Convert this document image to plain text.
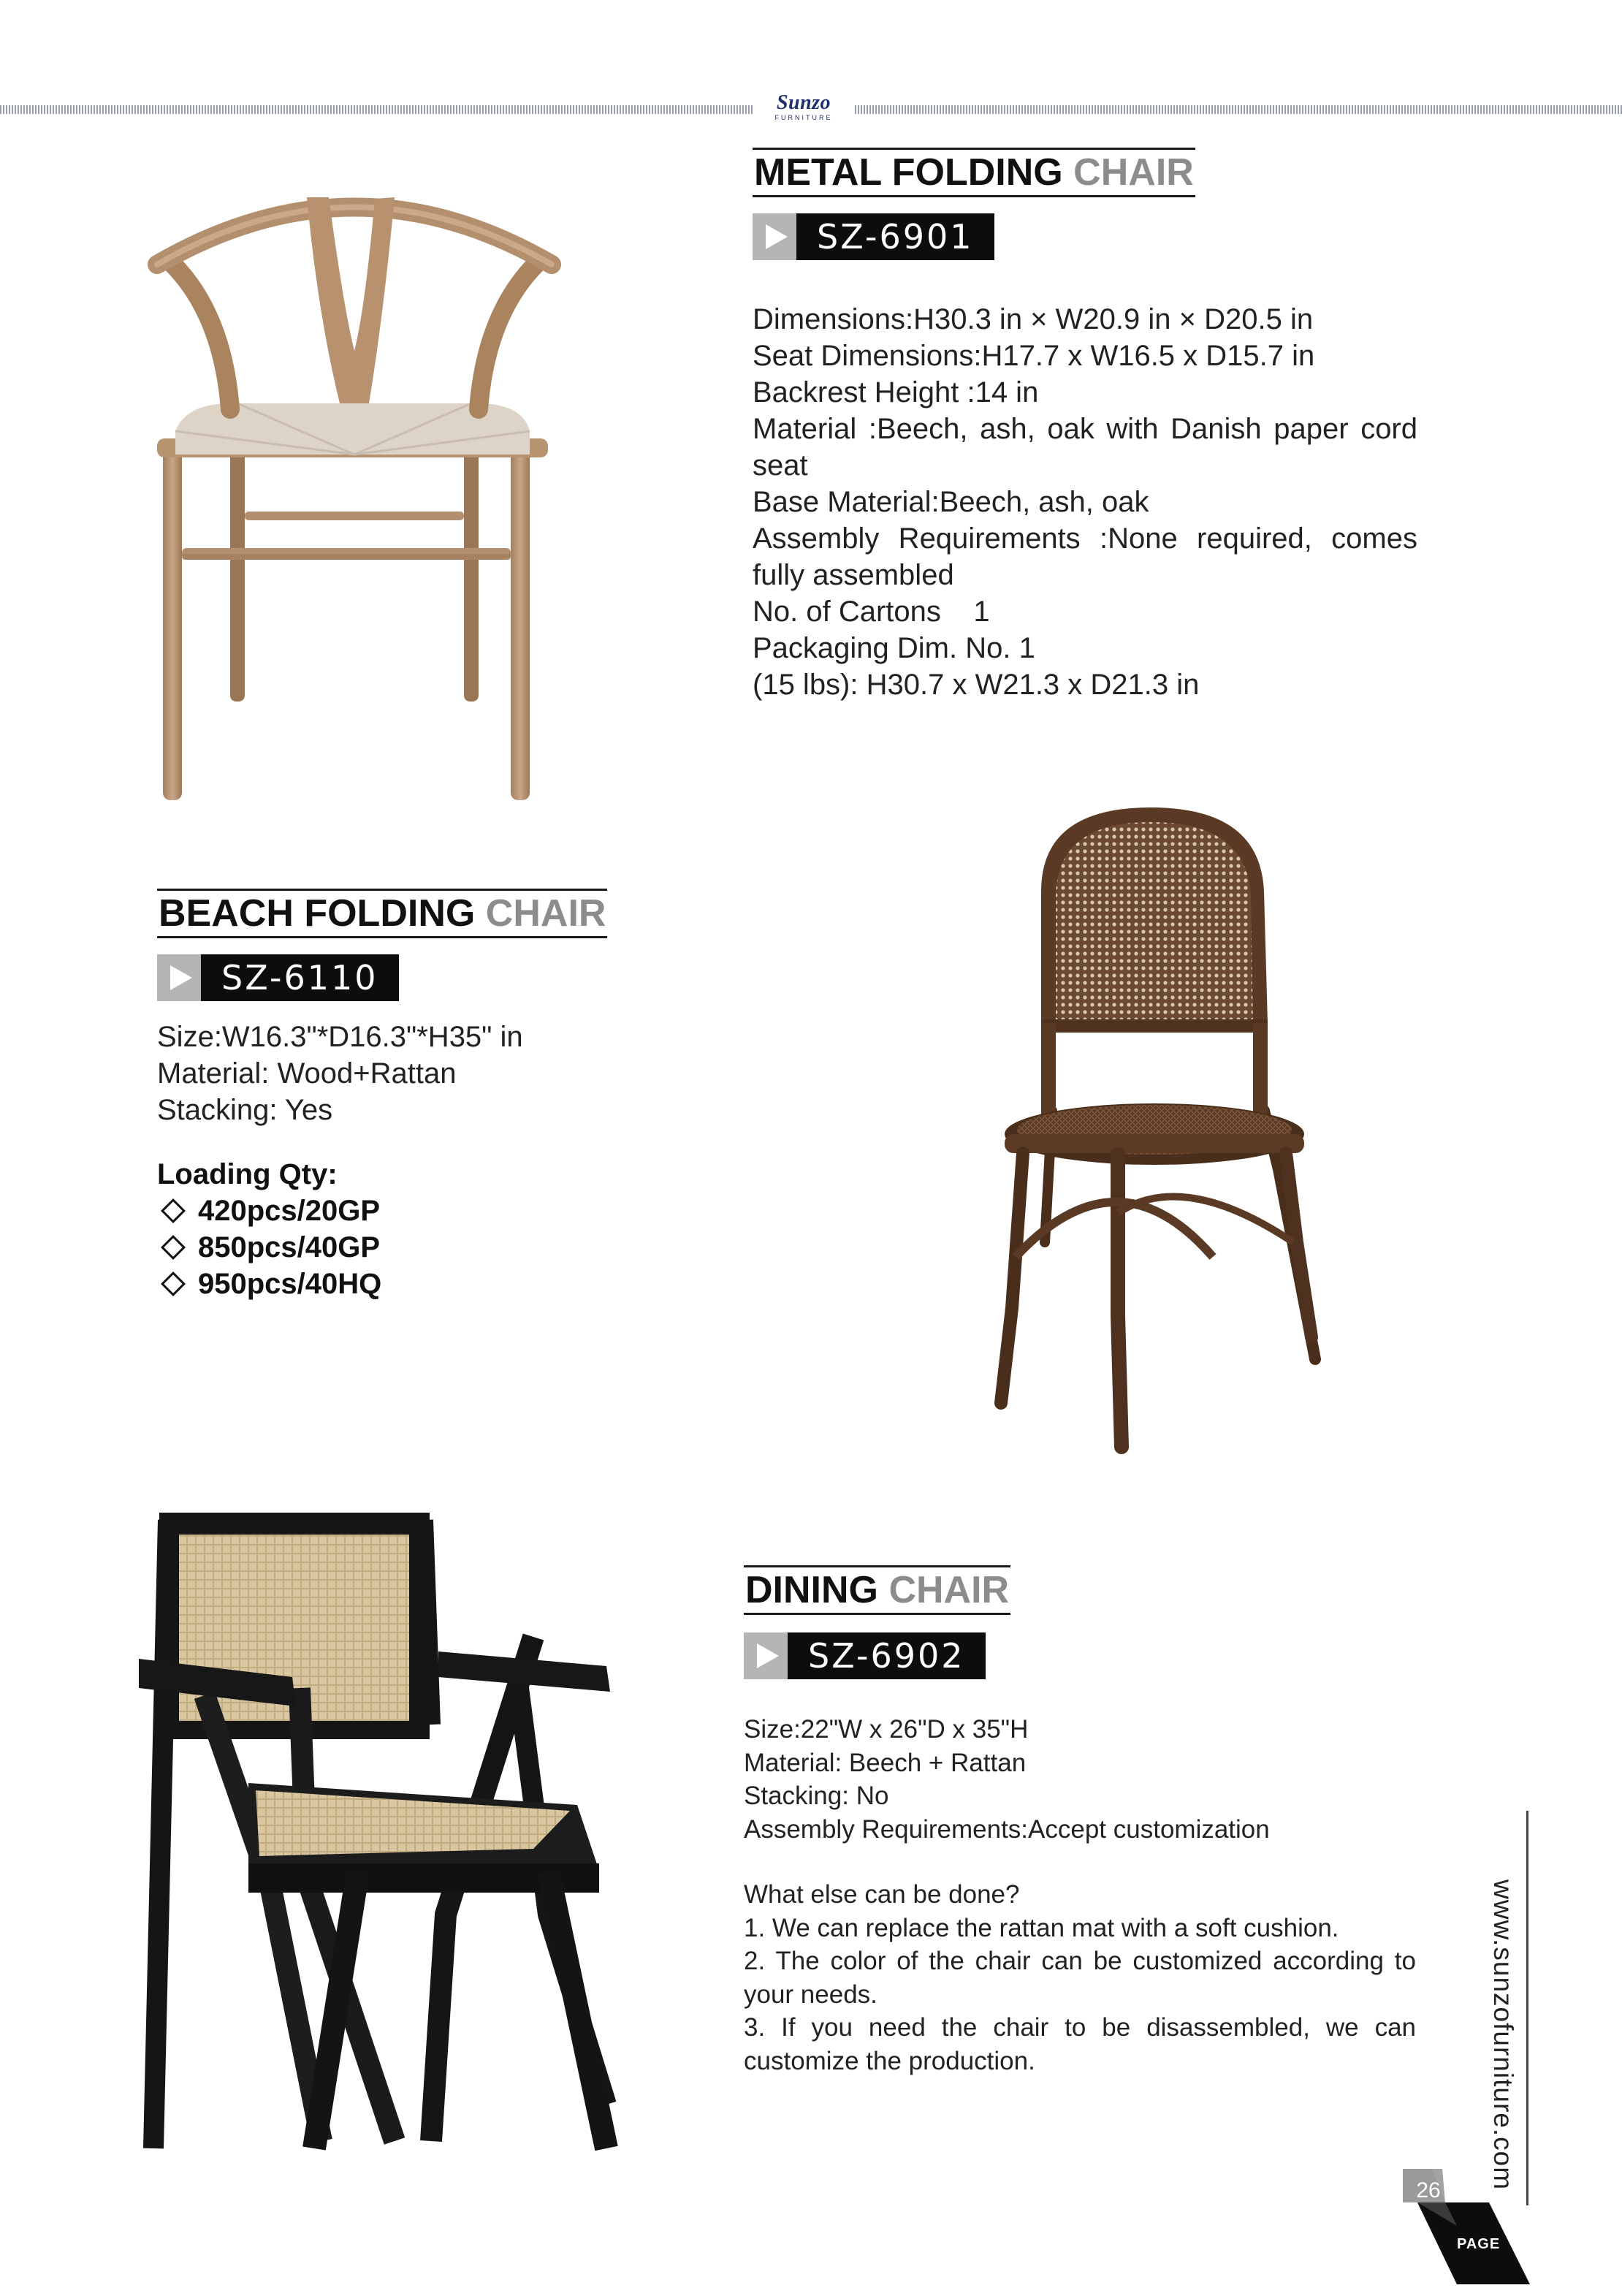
Sunzo
FURNITURE
METAL FOLDING CHAIR
SZ-6901
Dimensions:H30.3 in × W20.9 in × D20.5 in
Seat Dimensions:H17.7 x W16.5 x D15.7 in
Backrest Height :14 in
Material :Beech, ash, oak with Danish paper cord seat
Base Material:Beech, ash, oak
Assembly Requirements :None required, comes fully assembled
No. of Cartons    1
Packaging Dim. No. 1
(15 lbs): H30.7 x W21.3 x D21.3 in
BEACH FOLDING CHAIR
SZ-6110
Size:W16.3"*D16.3"*H35" in
Material: Wood+Rattan
Stacking: Yes
Loading Qty:
420pcs/20GP
850pcs/40GP
950pcs/40HQ
DINING CHAIR
SZ-6902
Size:22"W x 26"D x 35"H
Material: Beech + Rattan
Stacking: No
Assembly Requirements:Accept customization
What else can be done?
1. We can replace the rattan mat with a soft cushion.
2. The color of the chair can be customized according to your needs.
3. If you need the chair to be disassembled, we can customize the production.	www.sunzofurniture.com
26
PAGE
